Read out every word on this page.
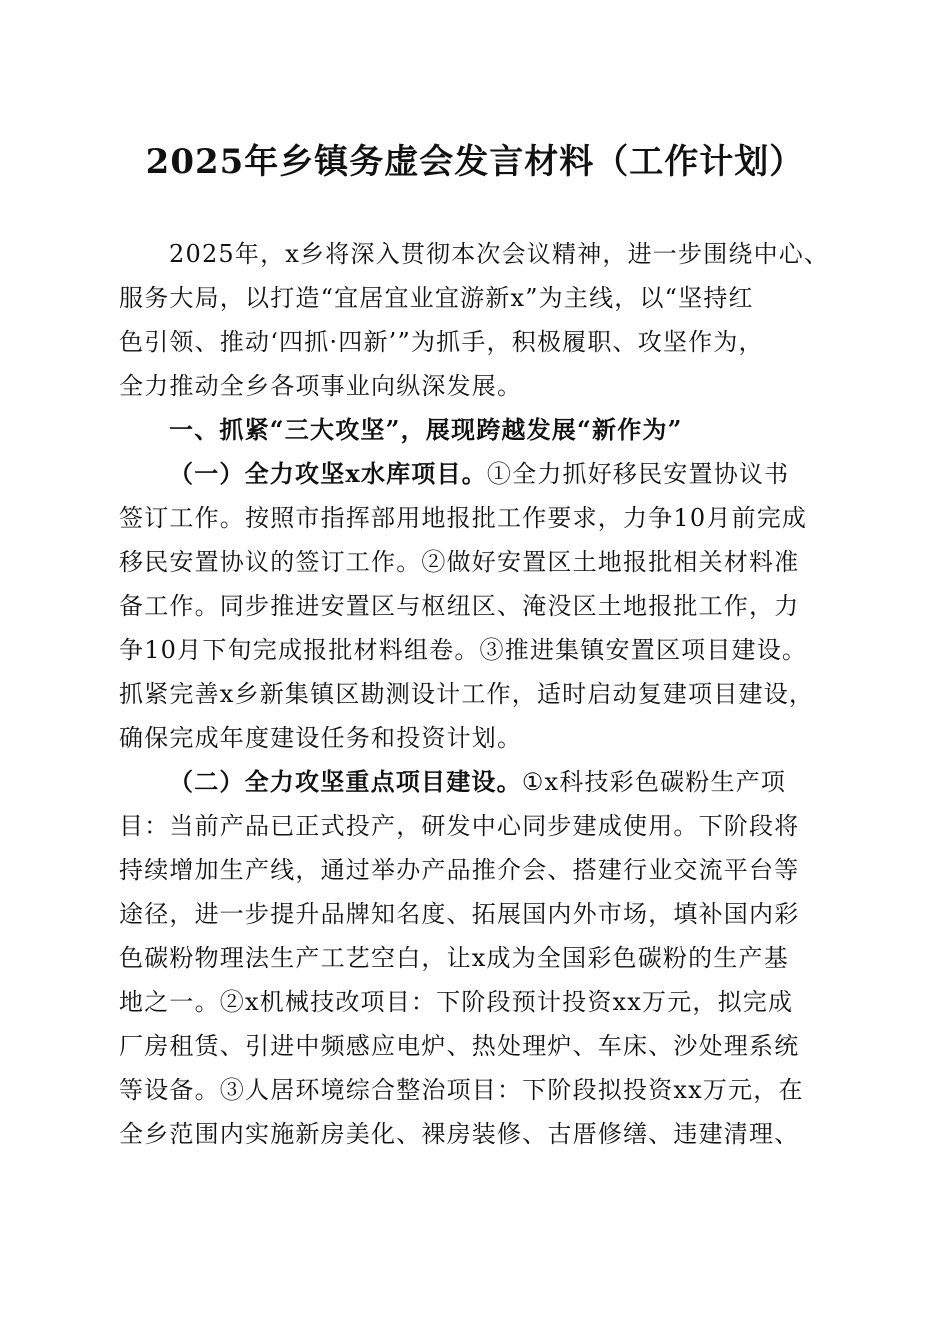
2025年乡镇务虚会发言材料（工作计划）
2025年，x乡将深入贯彻本次会议精神，进一步围绕中心、
服务大局，以打造“宜居宜业宜游新x”为主线，以“坚持红
色引领、推动‘四抓·四新’”为抓手，积极履职、攻坚作为，
全力推动全乡各项事业向纵深发展。
一、抓紧“三大攻坚”，展现跨越发展“新作为”
（一）全力攻坚x水库项目。①全力抓好移民安置协议书
签订工作。按照市指挥部用地报批工作要求，力争10月前完成
移民安置协议的签订工作。②做好安置区土地报批相关材料准
备工作。同步推进安置区与枢纽区、淹没区土地报批工作，力
争10月下旬完成报批材料组卷。③推进集镇安置区项目建设。
抓紧完善x乡新集镇区勘测设计工作，适时启动复建项目建设，
确保完成年度建设任务和投资计划。
（二）全力攻坚重点项目建设。①x科技彩色碳粉生产项
目：当前产品已正式投产，研发中心同步建成使用。下阶段将
持续增加生产线，通过举办产品推介会、搭建行业交流平台等
途径，进一步提升品牌知名度、拓展国内外市场，填补国内彩
色碳粉物理法生产工艺空白，让x成为全国彩色碳粉的生产基
地之一。②x机械技改项目：下阶段预计投资xx万元，拟完成
厂房租赁、引进中频感应电炉、热处理炉、车床、沙处理系统
等设备。③人居环境综合整治项目：下阶段拟投资xx万元，在
全乡范围内实施新房美化、裸房装修、古厝修缮、违建清理、
